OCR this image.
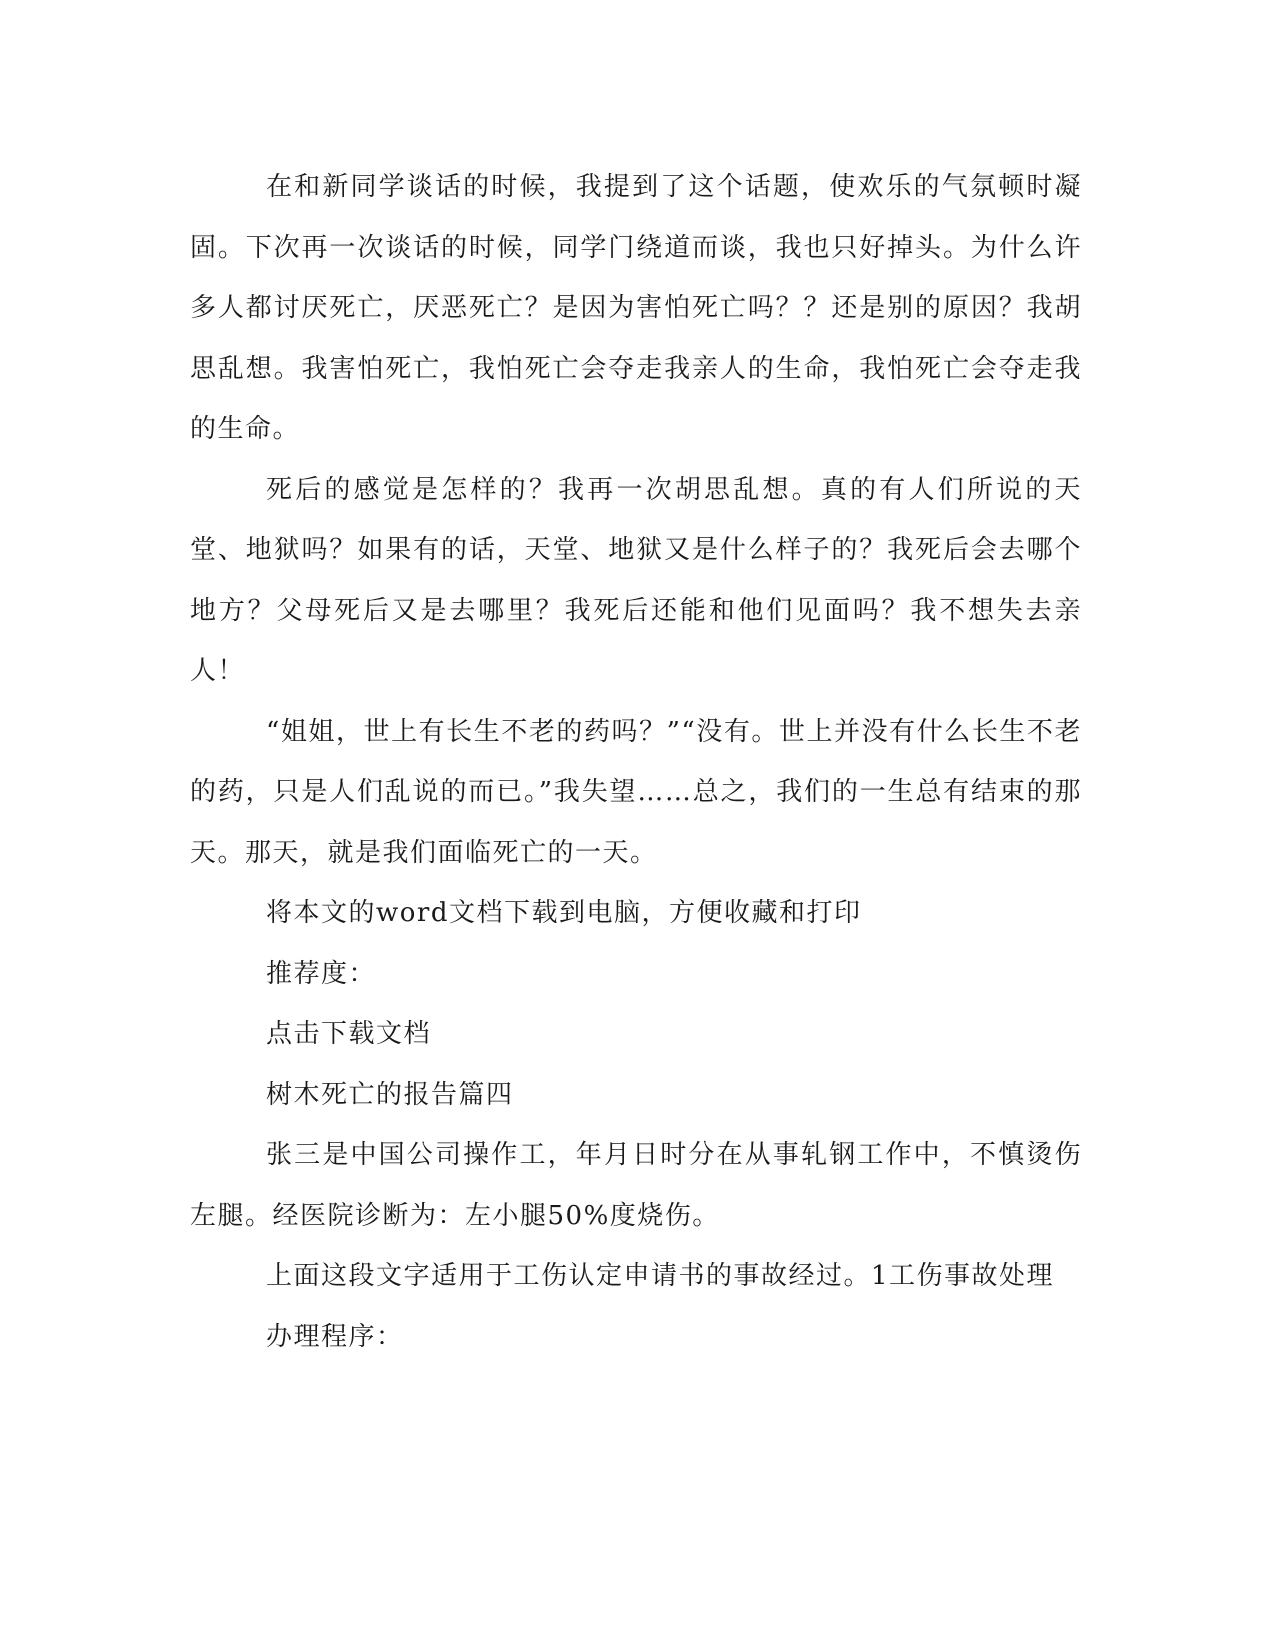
在和新同学谈话的时候，我提到了这个话题，使欢乐的气氛顿时凝固。下次再一次谈话的时候，同学门绕道而谈，我也只好掉头。为什么许多人都讨厌死亡，厌恶死亡？是因为害怕死亡吗？？还是别的原因？我胡思乱想。我害怕死亡，我怕死亡会夺走我亲人的生命，我怕死亡会夺走我的生命。

死后的感觉是怎样的？我再一次胡思乱想。真的有人们所说的天堂、地狱吗？如果有的话，天堂、地狱又是什么样子的？我死后会去哪个地方？父母死后又是去哪里？我死后还能和他们见面吗？我不想失去亲人！

“姐姐，世上有长生不老的药吗？”“没有。世上并没有什么长生不老的药，只是人们乱说的而已。”我失望……总之，我们的一生总有结束的那天。那天，就是我们面临死亡的一天。

将本文的word文档下载到电脑，方便收藏和打印

推荐度：

点击下载文档

树木死亡的报告篇四

张三是中国公司操作工，年月日时分在从事轧钢工作中，不慎烫伤左腿。经医院诊断为：左小腿50%度烧伤。

上面这段文字适用于工伤认定申请书的事故经过。1工伤事故处理

办理程序：
